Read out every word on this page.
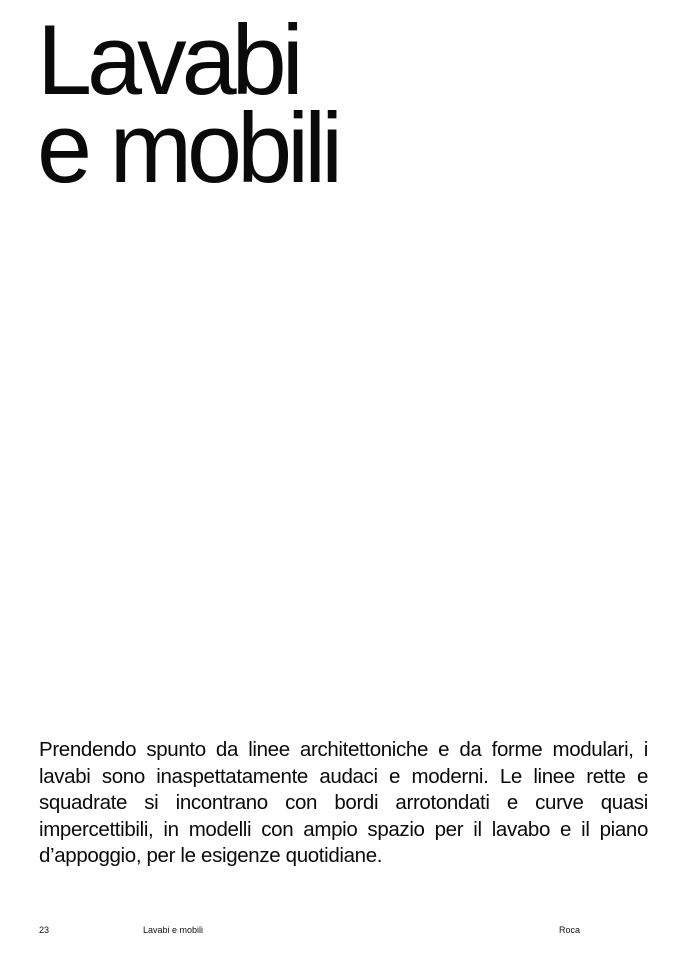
Lavabi
e mobili

Prendendo spunto da linee architettoniche e da forme modulari, i lavabi sono inaspettatamente audaci e moderni. Le linee rette e squadrate si incontrano con bordi arrotondati e curve quasi impercettibili, in modelli con ampio spazio per il lavabo e il piano d’appoggio, per le esigenze quotidiane.

23	Lavabi e mobili	Roca
